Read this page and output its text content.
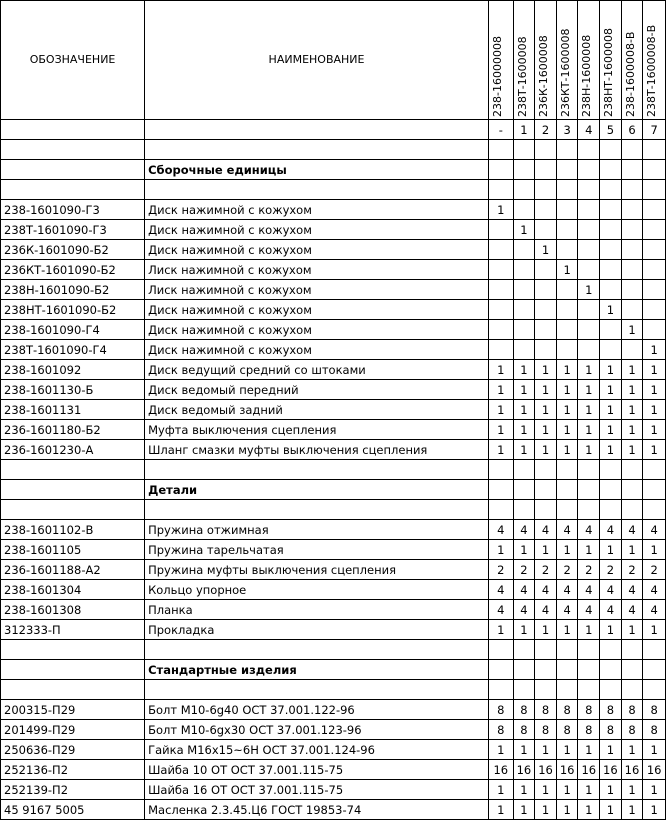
ОБОЗНАЧЕНИЕ	НАИМЕНОВАНИЕ	238-16000008	238Т-1600008	236К-1600008	236КТ-1600008	238Н-1600008	238НТ-1600008	238-1600008-В	238Т-1600008-В

		-	1	2	3	4	5	6	7

	Сборочные единицы								

238-1601090-Г3	Диск нажимной с кожухом	1							
238Т-1601090-Г3	Диск нажимной с кожухом		1						
236К-1601090-Б2	Диск нажимной с кожухом			1					
236КТ-1601090-Б2	Лиск нажимной с кожухом				1				
238Н-1601090-Б2	Лиск нажимной с кожухом					1			
238НТ-1601090-Б2	Диск нажимной с кожухом						1		
238-1601090-Г4	Диск нажимной с кожухом							1	
238Т-1601090-Г4	Диск нажимной с кожухом								1
238-1601092	Диск ведущий средний со штоками	1	1	1	1	1	1	1	1
238-1601130-Б	Диск ведомый передний	1	1	1	1	1	1	1	1
238-1601131	Диск ведомый задний	1	1	1	1	1	1	1	1
236-1601180-Б2	Муфта выключения сцепления	1	1	1	1	1	1	1	1
236-1601230-А	Шланг смазки муфты выключения сцепления	1	1	1	1	1	1	1	1

	Детали								

238-1601102-В	Пружина отжимная	4	4	4	4	4	4	4	4
238-1601105	Пружина тарельчатая	1	1	1	1	1	1	1	1
236-1601188-А2	Пружина муфты выключения сцепления	2	2	2	2	2	2	2	2
238-1601304	Кольцо упорное	4	4	4	4	4	4	4	4
238-1601308	Планка	4	4	4	4	4	4	4	4
312333-П	Прокладка	1	1	1	1	1	1	1	1

	Стандартные изделия								

200315-П29	Болт М10-6g40 ОСТ 37.001.122-96	8	8	8	8	8	8	8	8
201499-П29	Болт М10-6gх30 ОСТ 37.001.123-96	8	8	8	8	8	8	8	8
250636-П29	Гайка М16х15~6Н ОСТ 37.001.124-96	1	1	1	1	1	1	1	1
252136-П2	Шайба 10 ОТ ОСТ 37.001.115-75	16	16	16	16	16	16	16	16
252139-П2	Шайба 16 ОТ ОСТ 37.001.115-75	1	1	1	1	1	1	1	1
45 9167 5005	Масленка 2.3.45.Ц6 ГОСТ 19853-74	1	1	1	1	1	1	1	1
